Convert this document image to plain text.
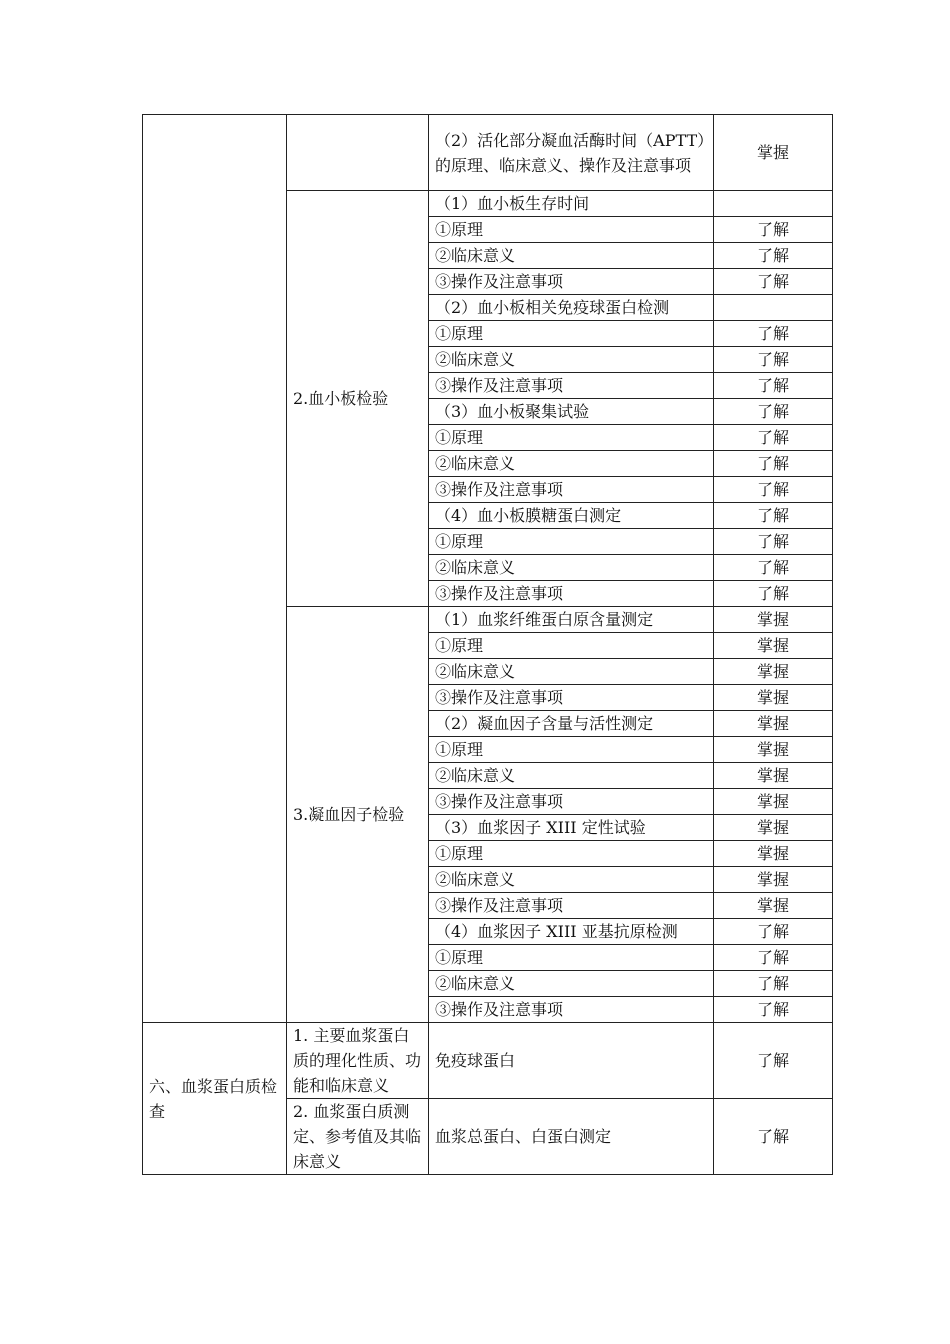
		（2）活化部分凝血活酶时间（APTT）的原理、临床意义、操作及注意事项	掌握
	2.血小板检验	（1）血小板生存时间	
		①原理	了解
		②临床意义	了解
		③操作及注意事项	了解
		（2）血小板相关免疫球蛋白检测	
		①原理	了解
		②临床意义	了解
		③操作及注意事项	了解
		（3）血小板聚集试验	了解
		①原理	了解
		②临床意义	了解
		③操作及注意事项	了解
		（4）血小板膜糖蛋白测定	了解
		①原理	了解
		②临床意义	了解
		③操作及注意事项	了解
	3.凝血因子检验	（1）血浆纤维蛋白原含量测定	掌握
		①原理	掌握
		②临床意义	掌握
		③操作及注意事项	掌握
		（2）凝血因子含量与活性测定	掌握
		①原理	掌握
		②临床意义	掌握
		③操作及注意事项	掌握
		（3）血浆因子 XIII 定性试验	掌握
		①原理	掌握
		②临床意义	掌握
		③操作及注意事项	掌握
		（4）血浆因子 XIII 亚基抗原检测	了解
		①原理	了解
		②临床意义	了解
		③操作及注意事项	了解
六、血浆蛋白质检查	1. 主要血浆蛋白质的理化性质、功能和临床意义	免疫球蛋白	了解
	2. 血浆蛋白质测定、参考值及其临床意义	血浆总蛋白、白蛋白测定	了解
